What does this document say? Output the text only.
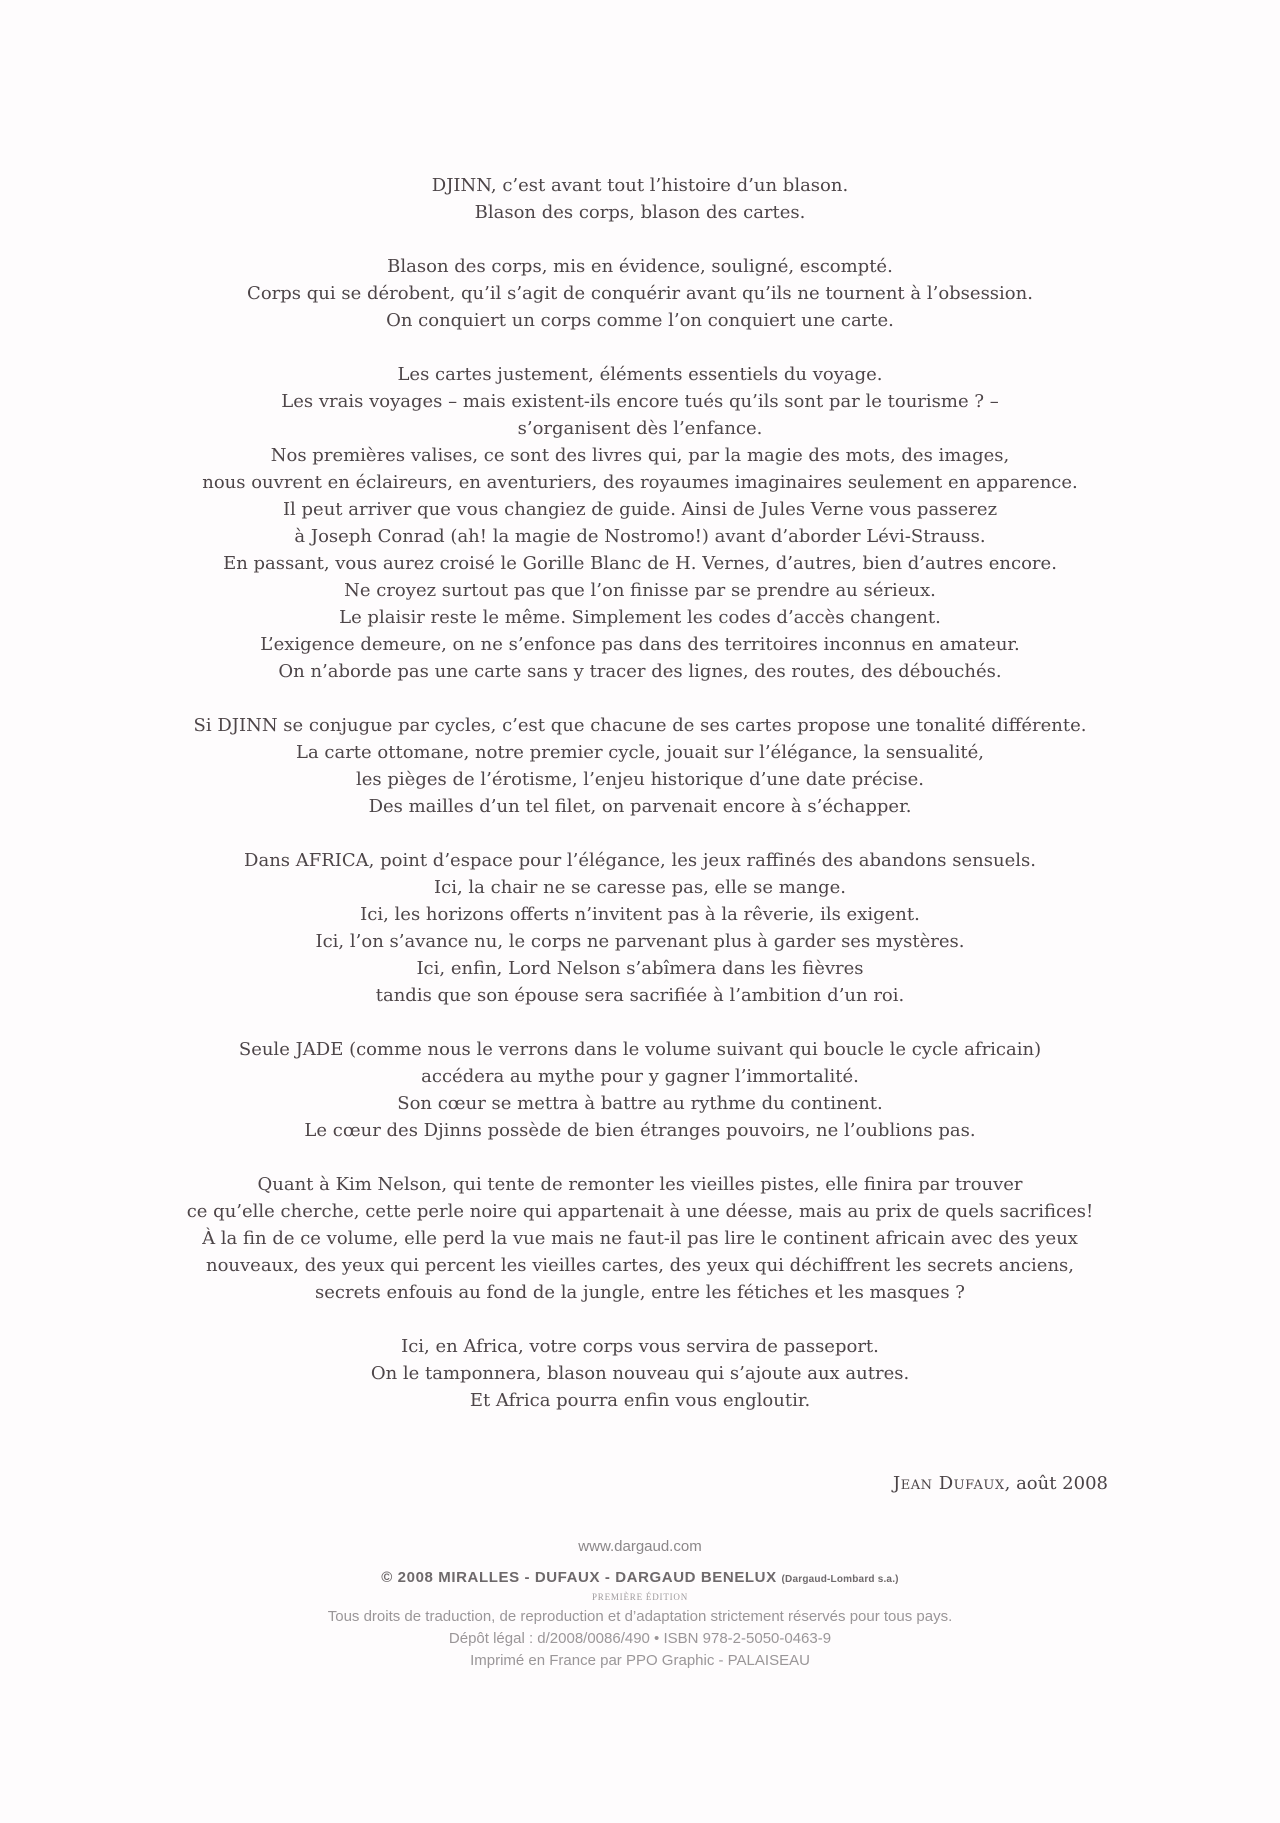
DJINN, c’est avant tout l’histoire d’un blason.
Blason des corps, blason des cartes.

Blason des corps, mis en évidence, souligné, escompté.
Corps qui se dérobent, qu’il s’agit de conquérir avant qu’ils ne tournent à l’obsession.
On conquiert un corps comme l’on conquiert une carte.

Les cartes justement, éléments essentiels du voyage.
Les vrais voyages – mais existent-ils encore tués qu’ils sont par le tourisme ? –
s’organisent dès l’enfance.
Nos premières valises, ce sont des livres qui, par la magie des mots, des images,
nous ouvrent en éclaireurs, en aventuriers, des royaumes imaginaires seulement en apparence.
Il peut arriver que vous changiez de guide. Ainsi de Jules Verne vous passerez
à Joseph Conrad (ah! la magie de Nostromo!) avant d’aborder Lévi-Strauss.
En passant, vous aurez croisé le Gorille Blanc de H. Vernes, d’autres, bien d’autres encore.
Ne croyez surtout pas que l’on finisse par se prendre au sérieux.
Le plaisir reste le même. Simplement les codes d’accès changent.
L’exigence demeure, on ne s’enfonce pas dans des territoires inconnus en amateur.
On n’aborde pas une carte sans y tracer des lignes, des routes, des débouchés.

Si DJINN se conjugue par cycles, c’est que chacune de ses cartes propose une tonalité différente.
La carte ottomane, notre premier cycle, jouait sur l’élégance, la sensualité,
les pièges de l’érotisme, l’enjeu historique d’une date précise.
Des mailles d’un tel filet, on parvenait encore à s’échapper.

Dans AFRICA, point d’espace pour l’élégance, les jeux raffinés des abandons sensuels.
Ici, la chair ne se caresse pas, elle se mange.
Ici, les horizons offerts n’invitent pas à la rêverie, ils exigent.
Ici, l’on s’avance nu, le corps ne parvenant plus à garder ses mystères.
Ici, enfin, Lord Nelson s’abîmera dans les fièvres
tandis que son épouse sera sacrifiée à l’ambition d’un roi.

Seule JADE (comme nous le verrons dans le volume suivant qui boucle le cycle africain)
accédera au mythe pour y gagner l’immortalité.
Son cœur se mettra à battre au rythme du continent.
Le cœur des Djinns possède de bien étranges pouvoirs, ne l’oublions pas.

Quant à Kim Nelson, qui tente de remonter les vieilles pistes, elle finira par trouver
ce qu’elle cherche, cette perle noire qui appartenait à une déesse, mais au prix de quels sacrifices!
À la fin de ce volume, elle perd la vue mais ne faut-il pas lire le continent africain avec des yeux
nouveaux, des yeux qui percent les vieilles cartes, des yeux qui déchiffrent les secrets anciens,
secrets enfouis au fond de la jungle, entre les fétiches et les masques ?

Ici, en Africa, votre corps vous servira de passeport.
On le tamponnera, blason nouveau qui s’ajoute aux autres.
Et Africa pourra enfin vous engloutir.

Jean Dufaux, août 2008
www.dargaud.com
© 2008 MIRALLES - DUFAUX - DARGAUD BENELUX (Dargaud-Lombard s.a.)
PREMIÈRE ÉDITION
Tous droits de traduction, de reproduction et d’adaptation strictement réservés pour tous pays.
Dépôt légal : d/2008/0086/490 • ISBN 978-2-5050-0463-9
Imprimé en France par PPO Graphic - PALAISEAU
